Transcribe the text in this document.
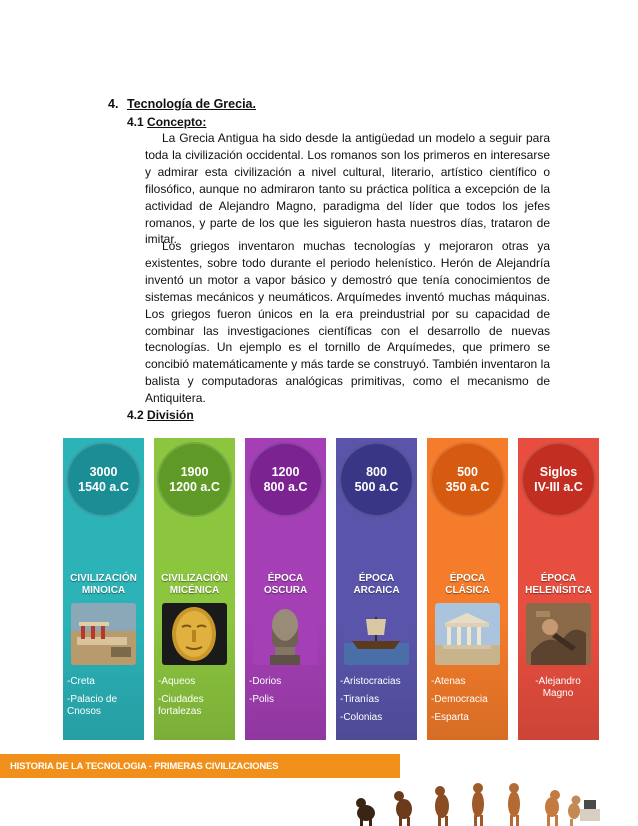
4. Tecnología de Grecia.
4.1 Concepto:

La Grecia Antigua ha sido desde la antigüedad un modelo a seguir para toda la civilización occidental. Los romanos son los primeros en interesarse y admirar esta civilización a nivel cultural, literario, artístico científico o filosófico, aunque no admiraron tanto su práctica política a excepción de la actividad de Alejandro Magno, paradigma del líder que todos los jefes romanos, y parte de los que les siguieron hasta nuestros días, trataron de imitar.

Los griegos inventaron muchas tecnologías y mejoraron otras ya existentes, sobre todo durante el periodo helenístico. Herón de Alejandría inventó un motor a vapor básico y demostró que tenía conocimientos de sistemas mecánicos y neumáticos. Arquímedes inventó muchas máquinas. Los griegos fueron únicos en la era preindustrial por su capacidad de combinar las investigaciones científicas con el desarrollo de nuevas tecnologías. Un ejemplo es el tornillo de Arquímedes, que primero se concibió matemáticamente y más tarde se construyó. También inventaron la balista y computadoras analógicas primitivas, como el mecanismo de Antiquitera.

4.2 División
3000
1540 a.C
CIVILIZACIÓN
MINOICA
-Creta
-Palacio de Cnosos
1900
1200 a.C
CIVILIZACIÓN
MICÉNICA
-Aqueos
-Ciudades fortalezas
1200
800 a.C
ÉPOCA
OSCURA
-Dorios
-Polis
800
500 a.C
ÉPOCA
ARCAICA
-Aristocracias
-Tiranías
-Colonias
500
350 a.C
ÉPOCA
CLÁSICA
-Atenas
-Democracia
-Esparta
Siglos
IV-III a.C
ÉPOCA
HELENÍSITCA
-Alejandro Magno
HISTORIA DE LA TECNOLOGIA - PRIMERAS CIVILIZACIONES
